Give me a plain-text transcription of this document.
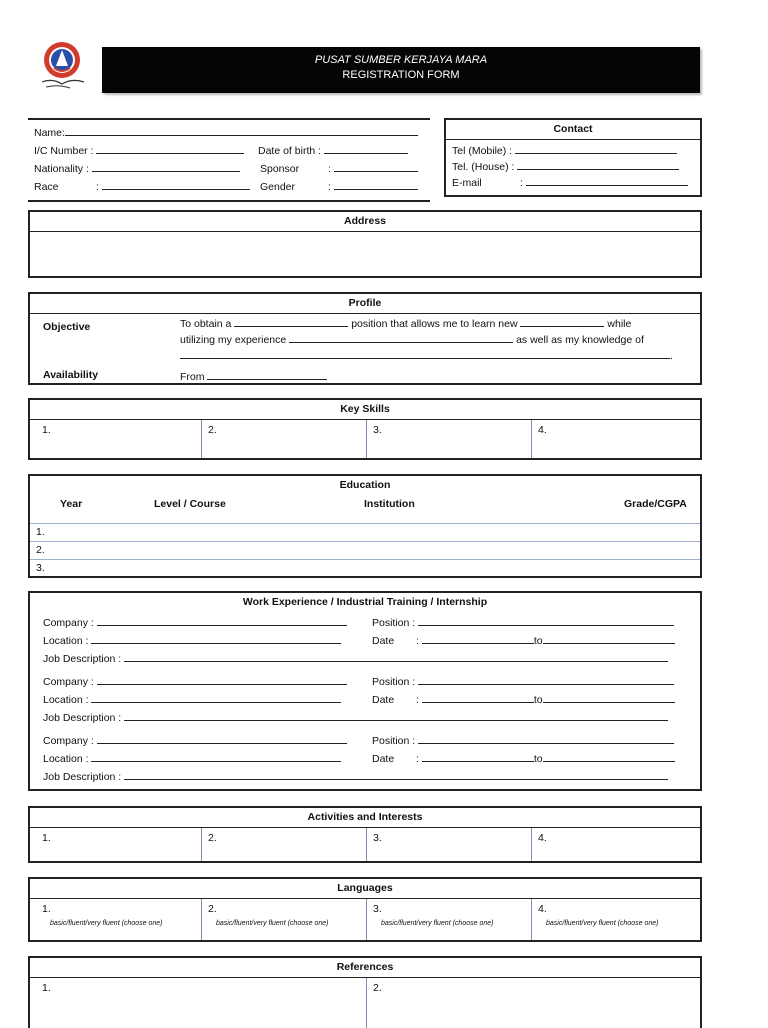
PUSAT SUMBER KERJAYA MARA
REGISTRATION FORM
Name:
I/C Number :
Nationality :
Race	:
Date of birth :
Sponsor	:
Gender	:
Contact
Tel (Mobile) :
Tel. (House) :
E-mail	:
Address
Profile
Objective	To obtain a	position that allows me to learn new	while
utilizing my experience	as well as my knowledge of
.
Availability	From
Key Skills
1.	2.	3.	4.
Education
Year	Level / Course	Institution	Grade/CGPA
1.
2.
3.
Work Experience / Industrial Training / Internship
Company :
Location :
Job Description :
Position :
Date :	to
Company :
Location :
Job Description :
Position :
Date :	to
Company :
Location :
Job Description :
Position :
Date :	to
Activities and Interests
1.	2.	3.	4.
Languages
1.
basic/fluent/very fluent (choose one)
2.
basic/fluent/very fluent (choose one)
3.
basic/fluent/very fluent (choose one)
4.
basic/fluent/very fluent (choose one)
References
1.	2.
